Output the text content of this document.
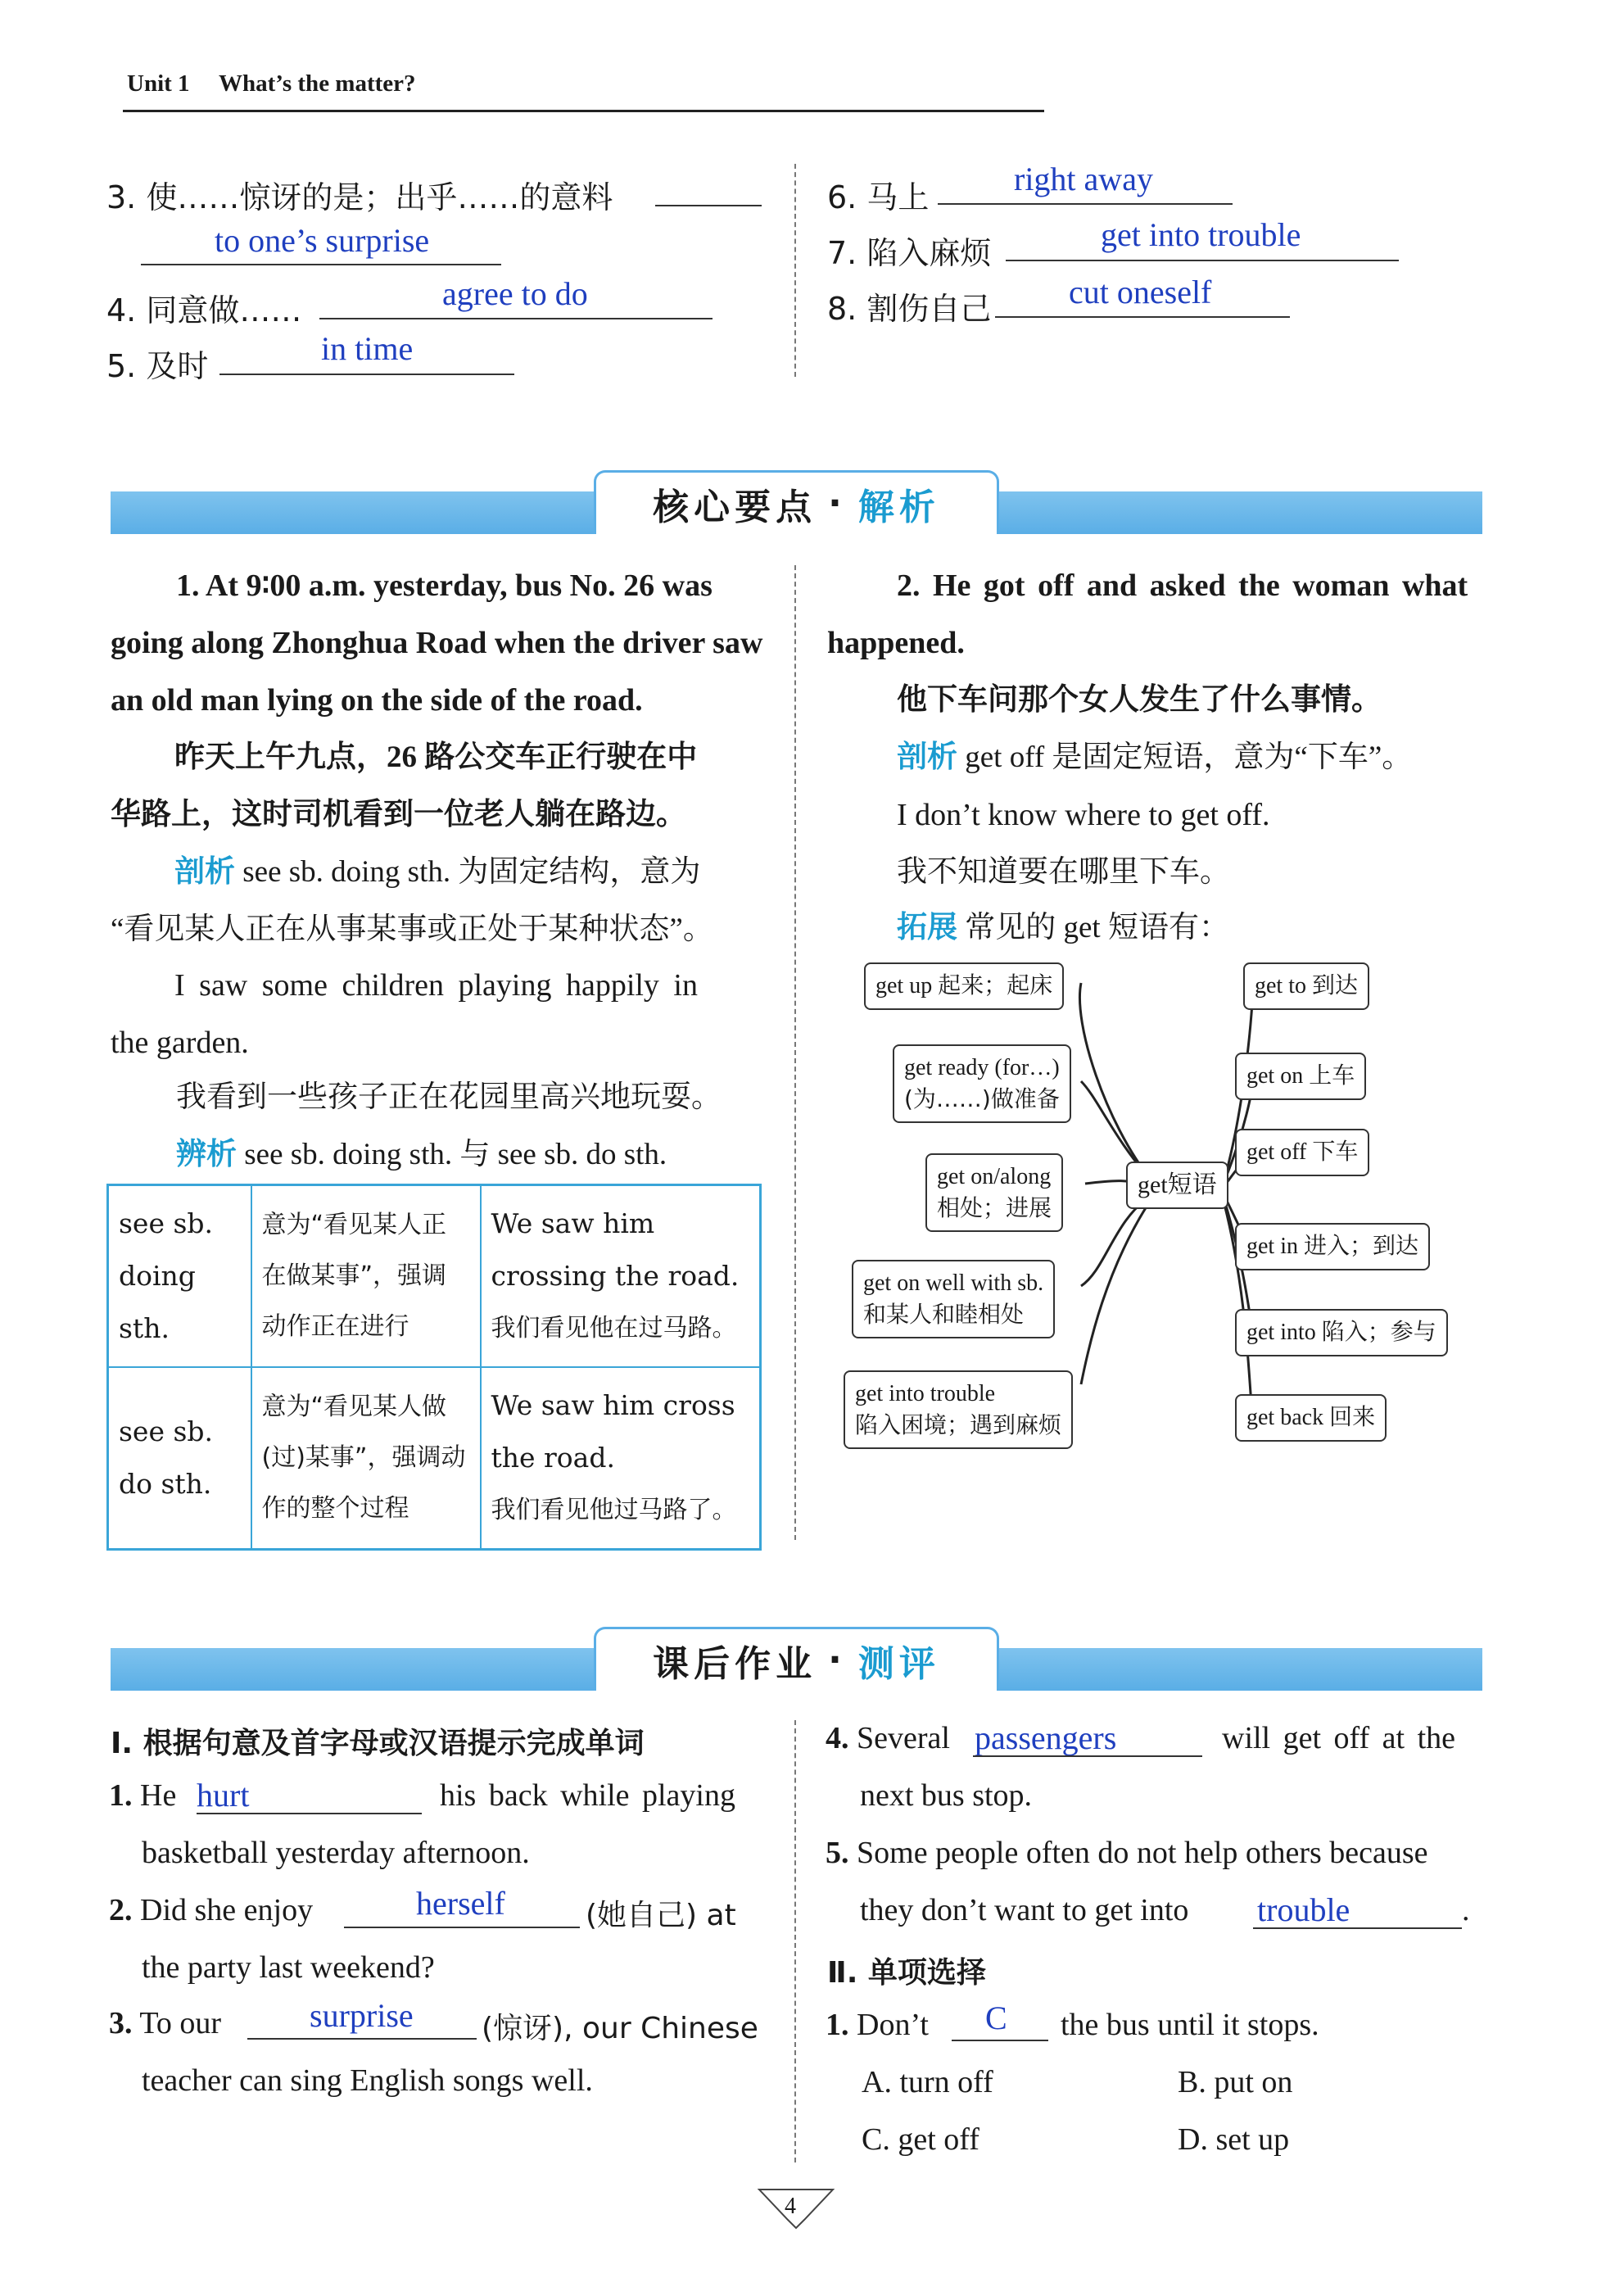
Unit 1 What’s the matter?
3. 使……惊讶的是；出乎……的意料
to one’s surprise
4. 同意做……	agree to do
5. 及时	in time
6. 马上	right away
7. 陷入麻烦	get into trouble
8. 割伤自己 cut oneself
核心要点 · 解析
1. At 9∶00 a.m. yesterday, bus No. 26 was
going along Zhonghua Road when the driver saw
an old man lying on the side of the road.
昨天上午九点，26 路公交车正行驶在中
华路上，这时司机看到一位老人躺在路边。
剖析 see sb. doing sth. 为固定结构，意为
“看见某人正在从事某事或正处于某种状态”。
I saw some children playing happily in
the garden.
我看到一些孩子正在花园里高兴地玩耍。
辨析 see sb. doing sth. 与 see sb. do sth.
see sb. doing sth.	意为“看见某人正在做某事”，强调动作正在进行	We saw him crossing the road.
我们看见他在过马路。

see sb. do sth.	意为“看见某人做(过)某事”，强调动作的整个过程	We saw him cross the road.
我们看见他过马路了。
2. He got off and asked the woman what
happened.
他下车问那个女人发生了什么事情。
剖析 get off 是固定短语，意为“下车”。
I don’t know where to get off.
我不知道要在哪里下车。
拓展 常见的 get 短语有：
get短语
get up 起来；起床
get ready (for…)
(为……)做准备
get on/along
相处；进展
get on well with sb.
和某人和睦相处
get into trouble
陷入困境；遇到麻烦
get to 到达
get on 上车
get off 下车
get in 进入；到达
get into 陷入；参与
get back 回来
课后作业 · 测评
Ⅰ. 根据句意及首字母或汉语提示完成单词
1. He hurt	his back while playing
basketball yesterday afternoon.
2. Did she enjoy	herself	(她自己) at
the party last weekend?
3. To our	surprise (惊讶), our Chinese
teacher can sing English songs well.
4. Several passengers	will get off at the
next bus stop.
5. Some people often do not help others because
they don’t want to get into trouble	.
Ⅱ. 单项选择
1. Don’t C the bus until it stops.
A. turn off	B. put on
C. get off	D. set up
4
